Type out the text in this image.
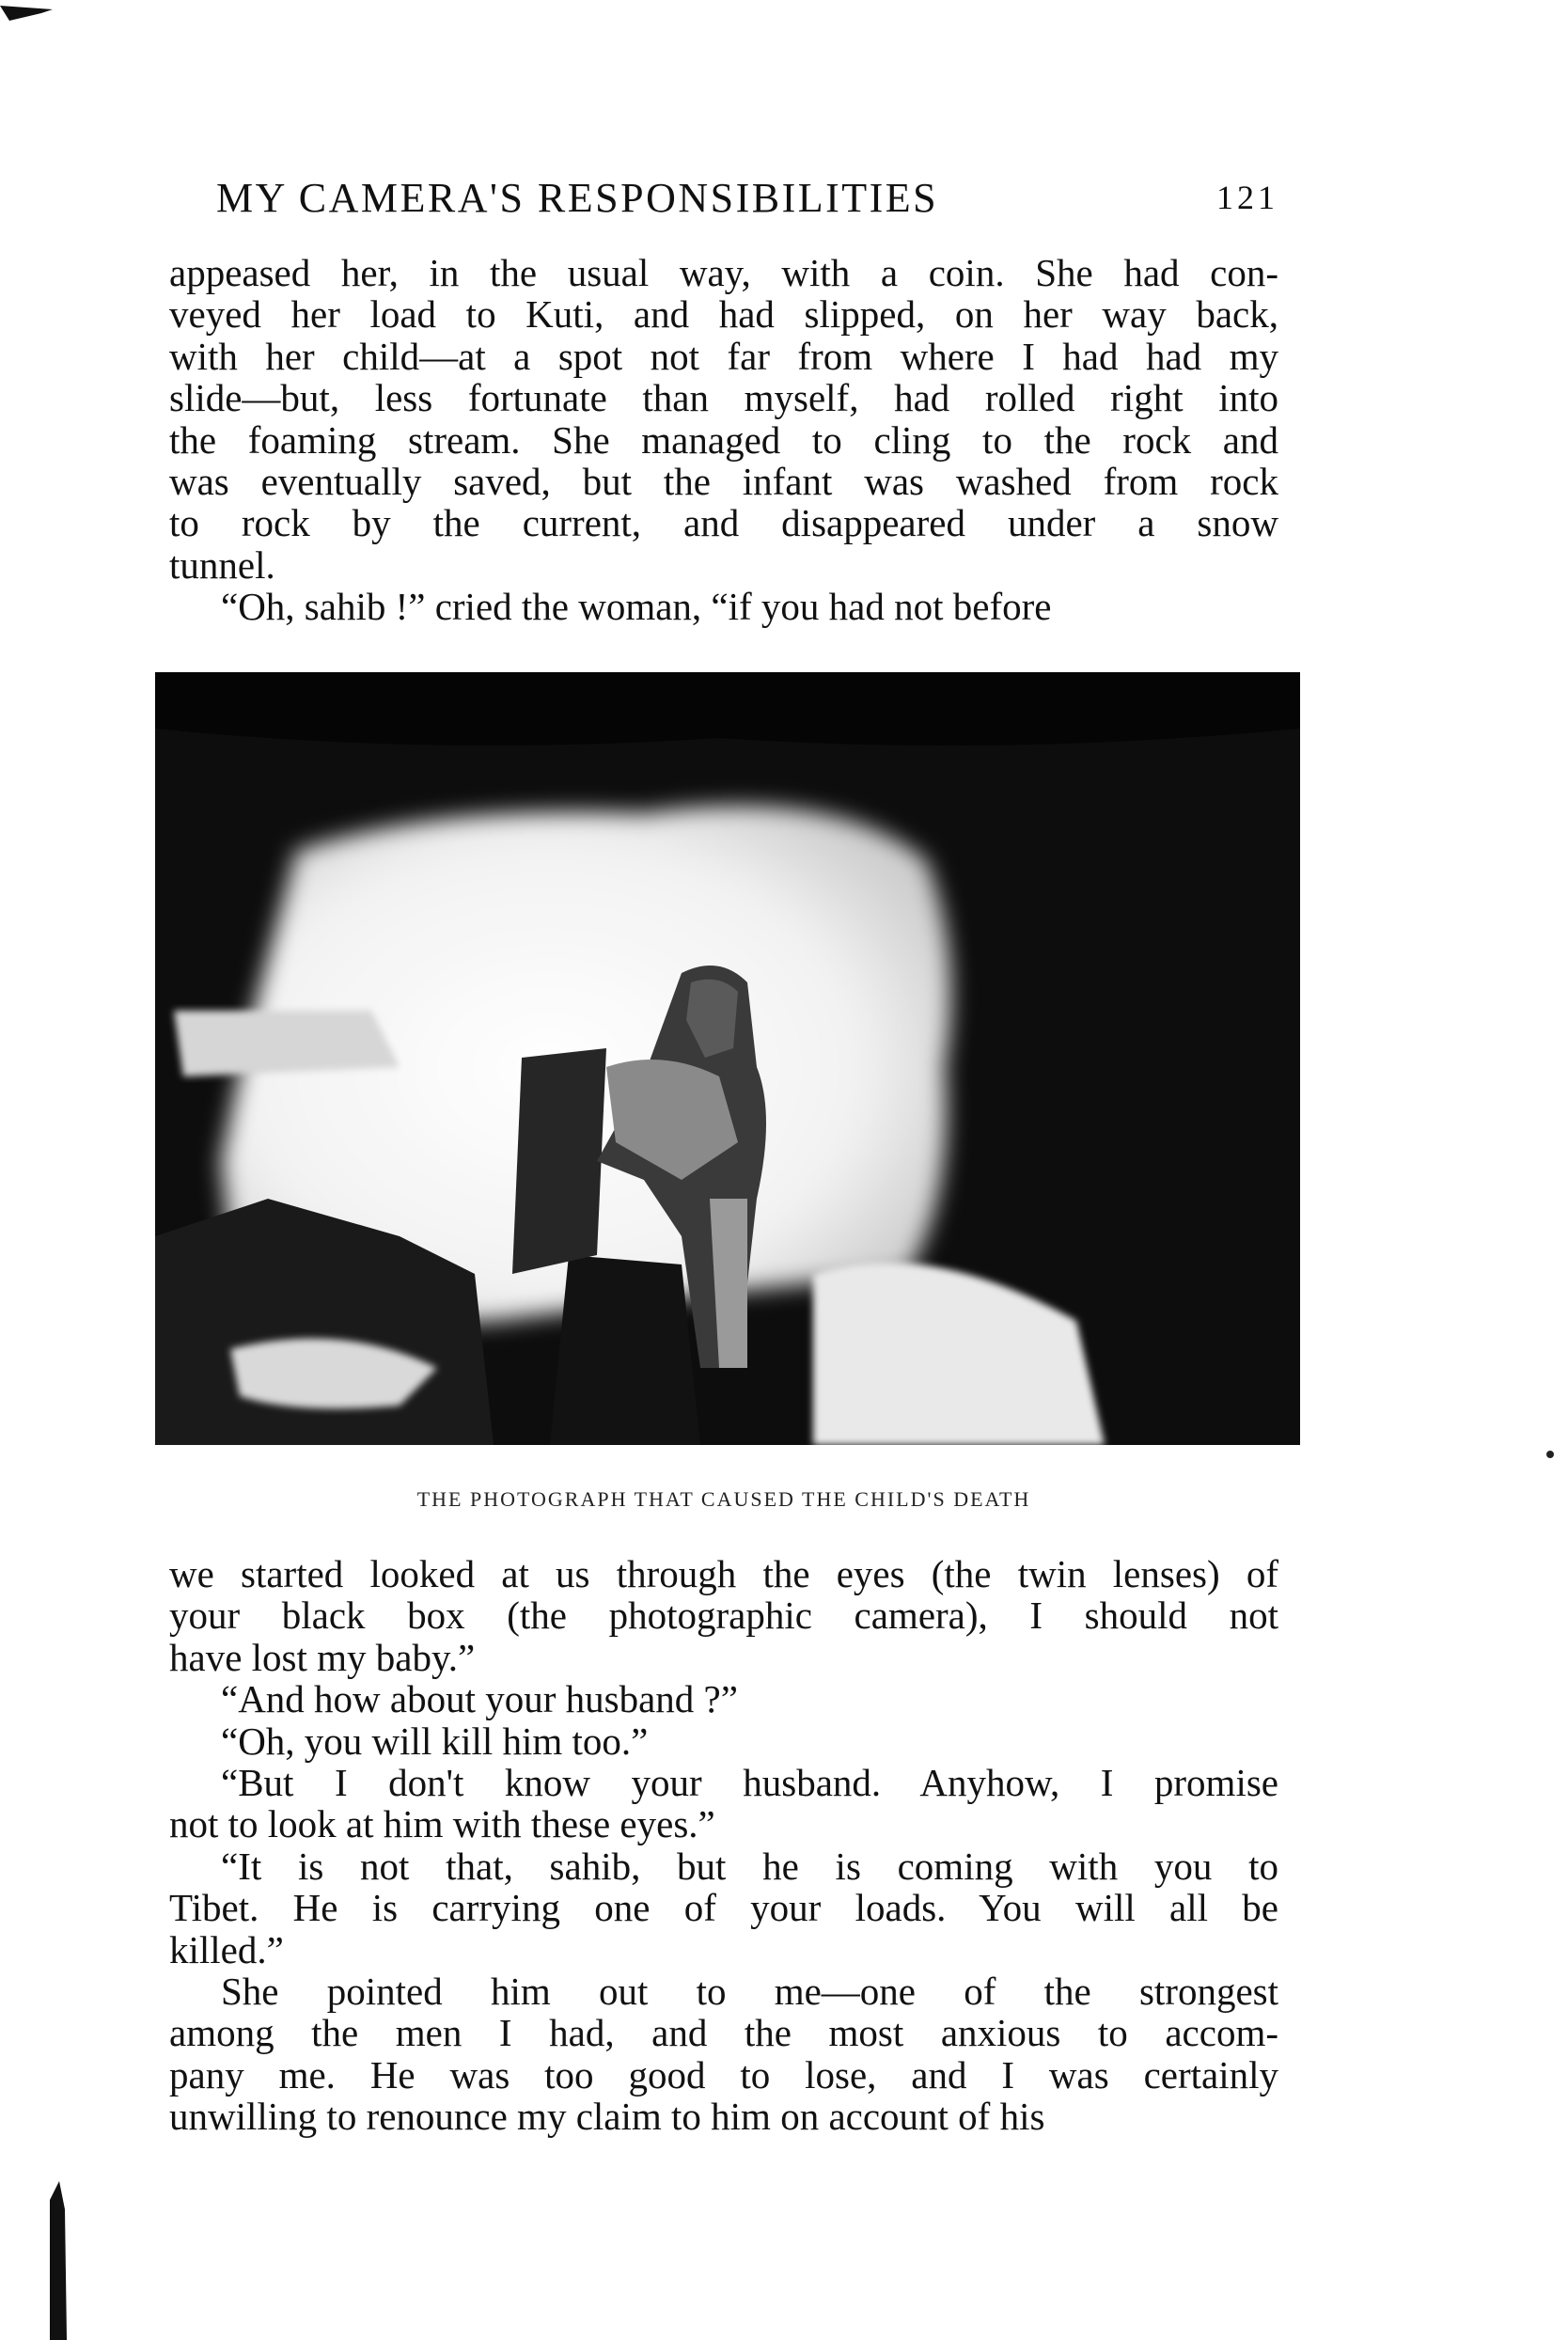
MY CAMERA'S RESPONSIBILITIES	121
appeased her, in the usual way, with a coin. She had con-
veyed her load to Kuti, and had slipped, on her way back,
with her child—at a spot not far from where I had had my
slide—but, less fortunate than myself, had rolled right into
the foaming stream. She managed to cling to the rock and
was eventually saved, but the infant was washed from rock
to rock by the current, and disappeared under a snow
tunnel.
“Oh, sahib !” cried the woman, “if you had not before
THE PHOTOGRAPH THAT CAUSED THE CHILD'S DEATH
we started looked at us through the eyes (the twin lenses) of
your black box (the photographic camera), I should not
have lost my baby.”
“And how about your husband ?”
“Oh, you will kill him too.”
“But I don't know your husband. Anyhow, I promise
not to look at him with these eyes.”
“It is not that, sahib, but he is coming with you to
Tibet. He is carrying one of your loads. You will all be
killed.”
She pointed him out to me—one of the strongest
among the men I had, and the most anxious to accom-
pany me. He was too good to lose, and I was certainly
unwilling to renounce my claim to him on account of his
